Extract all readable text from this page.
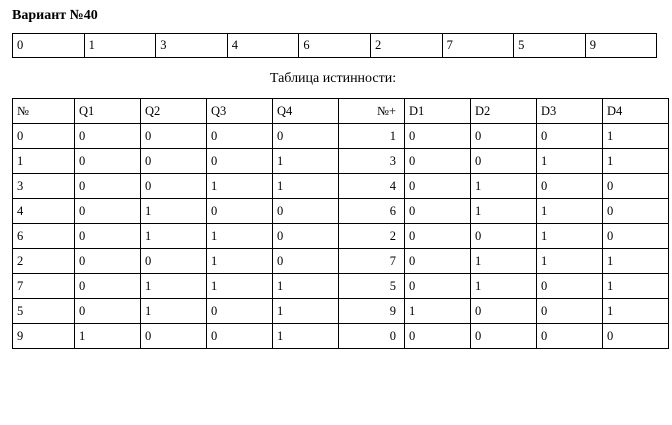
Вариант №40
0	1	3	4	6	2	7	5	9
Таблица истинности:
№	Q1	Q2	Q3	Q4	№+	D1	D2	D3	D4
0	0	0	0	0	1	0	0	0	1
1	0	0	0	1	3	0	0	1	1
3	0	0	1	1	4	0	1	0	0
4	0	1	0	0	6	0	1	1	0
6	0	1	1	0	2	0	0	1	0
2	0	0	1	0	7	0	1	1	1
7	0	1	1	1	5	0	1	0	1
5	0	1	0	1	9	1	0	0	1
9	1	0	0	1	0	0	0	0	0
